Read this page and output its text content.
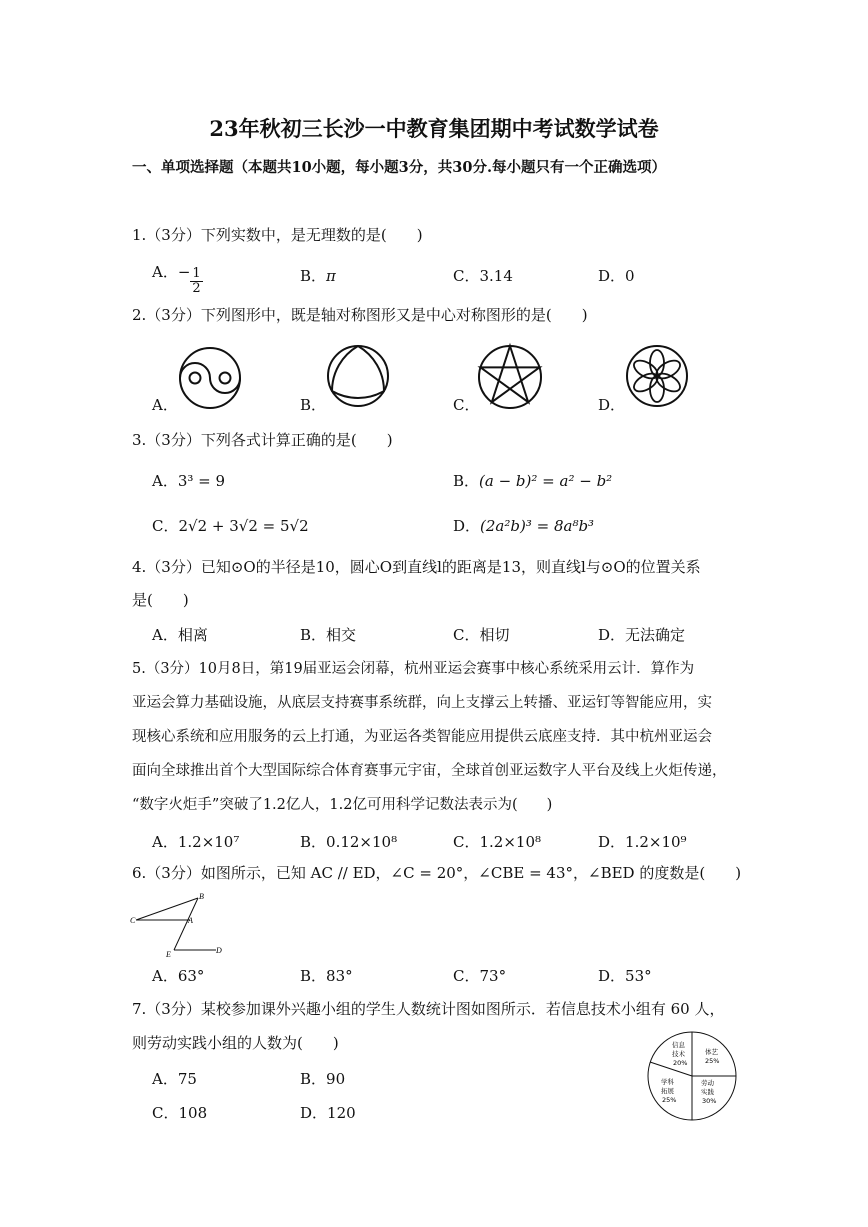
23年秋初三长沙一中教育集团期中考试数学试卷
一、单项选择题（本题共10小题，每小题3分，共30分.每小题只有一个正确选项）
1.（3分）下列实数中，是无理数的是(　　)
A． − $\frac{1}{2}$	B．π	C．3.14	D．0
2.（3分）下列图形中，既是轴对称图形又是中心对称图形的是(　　)
A．	B．	C．	D．
3.（3分）下列各式计算正确的是(　　)
A．3³ = 9	B．(a − b)² = a² − b²
C．2√2 + 3√2 = 5√2	D．(2a²b)³ = 8a⁸b³
4.（3分）已知⊙O的半径是10，圆心O到直线l的距离是13，则直线l与⊙O的位置关系
是(　　)
A．相离	B．相交	C．相切	D．无法确定
5.（3分）10月8日，第19届亚运会闭幕，杭州亚运会赛事中核心系统采用云计．算作为
亚运会算力基础设施，从底层支持赛事系统群，向上支撑云上转播、亚运钉等智能应用，实
现核心系统和应用服务的云上打通，为亚运各类智能应用提供云底座支持．其中杭州亚运会
面向全球推出首个大型国际综合体育赛事元宇宙，全球首创亚运数字人平台及线上火炬传递，
“数字火炬手”突破了1.2亿人，1.2亿可用科学记数法表示为(　　)
A．1.2×10⁷	B．0.12×10⁸	C．1.2×10⁸	D．1.2×10⁹
6.（3分）如图所示，已知 AC // ED，∠C = 20°，∠CBE = 43°，∠BED 的度数是(　　)
B
C	A
E	D
A．63°	B．83°	C．73°	D．53°
7.（3分）某校参加课外兴趣小组的学生人数统计图如图所示．若信息技术小组有 60 人，
则劳动实践小组的人数为(　　)
A．75	B．90
C．108	D．120
信息
技术
20%
体艺
25%
学科
拓展
25%
劳动
实践
30%
